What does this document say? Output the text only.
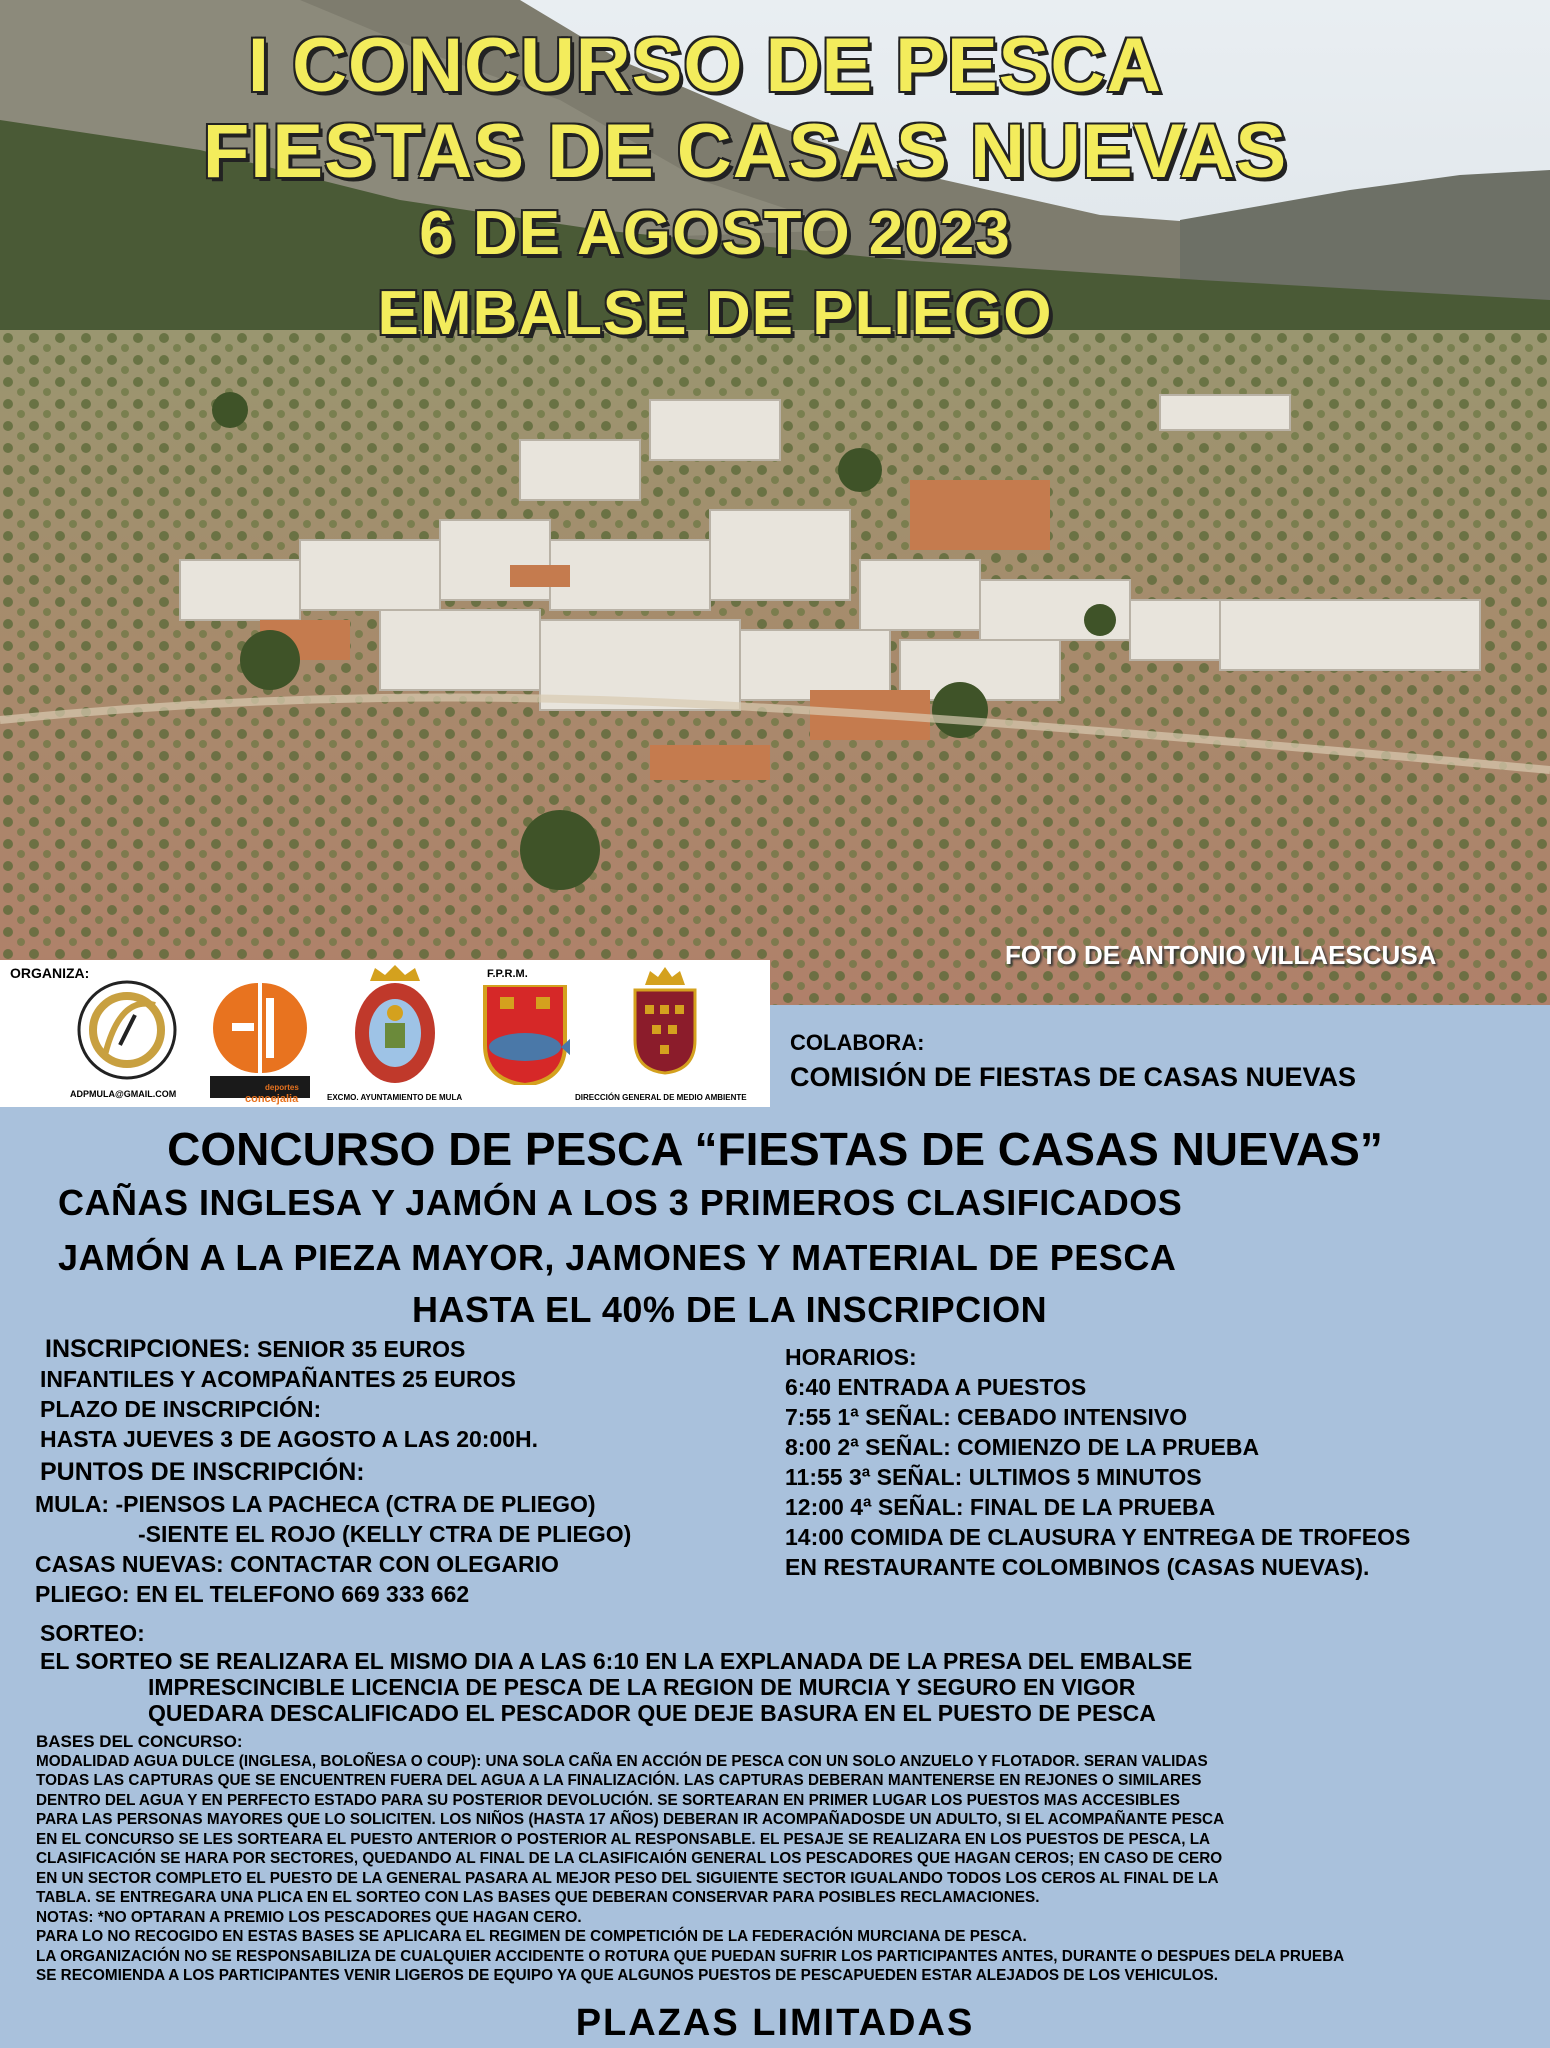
I CONCURSO DE PESCA
FIESTAS DE CASAS NUEVAS
6 DE AGOSTO 2023
EMBALSE DE PLIEGO
FOTO DE ANTONIO VILLAESCUSA
ORGANIZA:
ADPMULA@GMAIL.COM
deportes
concejalia	EXCMO. AYUNTAMIENTO DE MULA
F.P.R.M.
DIRECCIÓN GENERAL DE MEDIO AMBIENTE
COLABORA:
COMISIÓN DE FIESTAS DE CASAS NUEVAS
CONCURSO DE PESCA “FIESTAS DE CASAS NUEVAS”
CAÑAS INGLESA Y JAMÓN A LOS 3 PRIMEROS CLASIFICADOS
JAMÓN A LA PIEZA MAYOR, JAMONES Y MATERIAL DE PESCA
HASTA EL 40% DE LA INSCRIPCION
INSCRIPCIONES: SENIOR 35 EUROS
INFANTILES Y ACOMPAÑANTES 25 EUROS
PLAZO DE INSCRIPCIÓN:
HASTA JUEVES 3 DE AGOSTO A LAS 20:00H.
PUNTOS DE INSCRIPCIÓN:
MULA: -PIENSOS LA PACHECA (CTRA DE PLIEGO)
-SIENTE EL ROJO (KELLY CTRA DE PLIEGO)
CASAS NUEVAS: CONTACTAR CON OLEGARIO
PLIEGO: EN EL TELEFONO 669 333 662
HORARIOS:
6:40 ENTRADA A PUESTOS
7:55 1ª SEÑAL: CEBADO INTENSIVO
8:00 2ª SEÑAL: COMIENZO DE LA PRUEBA
11:55 3ª SEÑAL: ULTIMOS 5 MINUTOS
12:00 4ª SEÑAL: FINAL DE LA PRUEBA
14:00 COMIDA DE CLAUSURA Y ENTREGA DE TROFEOS
EN RESTAURANTE COLOMBINOS (CASAS NUEVAS).
SORTEO:
EL SORTEO SE REALIZARA EL MISMO DIA A LAS 6:10 EN LA EXPLANADA DE LA PRESA DEL EMBALSE
IMPRESCINCIBLE LICENCIA DE PESCA DE LA REGION DE MURCIA Y SEGURO EN VIGOR
QUEDARA DESCALIFICADO EL PESCADOR QUE DEJE BASURA EN EL PUESTO DE PESCA
BASES DEL CONCURSO:
MODALIDAD AGUA DULCE (INGLESA, BOLOÑESA O COUP): UNA SOLA CAÑA EN ACCIÓN DE PESCA CON UN SOLO ANZUELO Y FLOTADOR. SERAN VALIDAS
TODAS LAS CAPTURAS QUE SE ENCUENTREN FUERA DEL AGUA A LA FINALIZACIÓN. LAS CAPTURAS DEBERAN MANTENERSE EN REJONES O SIMILARES
DENTRO DEL AGUA Y EN PERFECTO ESTADO PARA SU POSTERIOR DEVOLUCIÓN. SE SORTEARAN EN PRIMER LUGAR LOS PUESTOS MAS ACCESIBLES
PARA LAS PERSONAS MAYORES QUE LO SOLICITEN. LOS NIÑOS (HASTA 17 AÑOS) DEBERAN IR ACOMPAÑADOSDE UN ADULTO, SI EL ACOMPAÑANTE PESCA
EN EL CONCURSO SE LES SORTEARA EL PUESTO ANTERIOR O POSTERIOR AL RESPONSABLE. EL PESAJE SE REALIZARA EN LOS PUESTOS DE PESCA, LA
CLASIFICACIÓN SE HARA POR SECTORES, QUEDANDO AL FINAL DE LA CLASIFICAIÓN GENERAL LOS PESCADORES QUE HAGAN CEROS; EN CASO DE CERO
EN UN SECTOR COMPLETO EL PUESTO DE LA GENERAL PASARA AL MEJOR PESO DEL SIGUIENTE SECTOR IGUALANDO TODOS LOS CEROS AL FINAL DE LA
TABLA. SE ENTREGARA UNA PLICA EN EL SORTEO CON LAS BASES QUE DEBERAN CONSERVAR PARA POSIBLES RECLAMACIONES.
NOTAS: *NO OPTARAN A PREMIO LOS PESCADORES QUE HAGAN CERO.
PARA LO NO RECOGIDO EN ESTAS BASES SE APLICARA EL REGIMEN DE COMPETICIÓN DE LA FEDERACIÓN MURCIANA DE PESCA.
LA ORGANIZACIÓN NO SE RESPONSABILIZA DE CUALQUIER ACCIDENTE O ROTURA QUE PUEDAN SUFRIR LOS PARTICIPANTES ANTES, DURANTE O DESPUES DELA PRUEBA
SE RECOMIENDA A LOS PARTICIPANTES VENIR LIGEROS DE EQUIPO YA QUE ALGUNOS PUESTOS DE PESCAPUEDEN ESTAR ALEJADOS DE LOS VEHICULOS.
PLAZAS LIMITADAS
